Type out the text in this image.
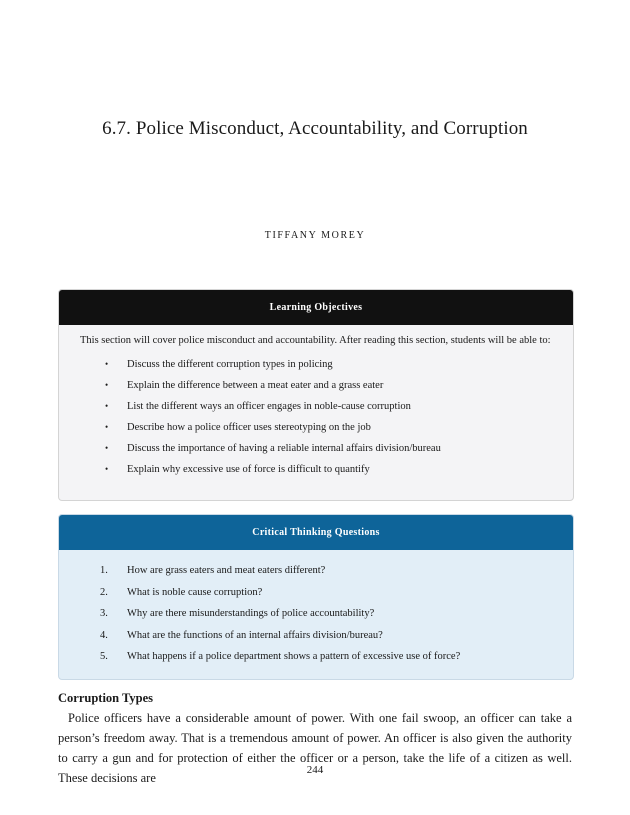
6.7. Police Misconduct, Accountability, and Corruption
TIFFANY MOREY
Learning Objectives
This section will cover police misconduct and accountability. After reading this section, students will be able to:
• Discuss the different corruption types in policing
• Explain the difference between a meat eater and a grass eater
• List the different ways an officer engages in noble-cause corruption
• Describe how a police officer uses stereotyping on the job
• Discuss the importance of having a reliable internal affairs division/bureau
• Explain why excessive use of force is difficult to quantify
Critical Thinking Questions
1. How are grass eaters and meat eaters different?
2. What is noble cause corruption?
3. Why are there misunderstandings of police accountability?
4. What are the functions of an internal affairs division/bureau?
5. What happens if a police department shows a pattern of excessive use of force?
Corruption Types
Police officers have a considerable amount of power. With one fail swoop, an officer can take a person’s freedom away. That is a tremendous amount of power. An officer is also given the authority to carry a gun and for protection of either the officer or a person, take the life of a citizen as well. These decisions are
244
